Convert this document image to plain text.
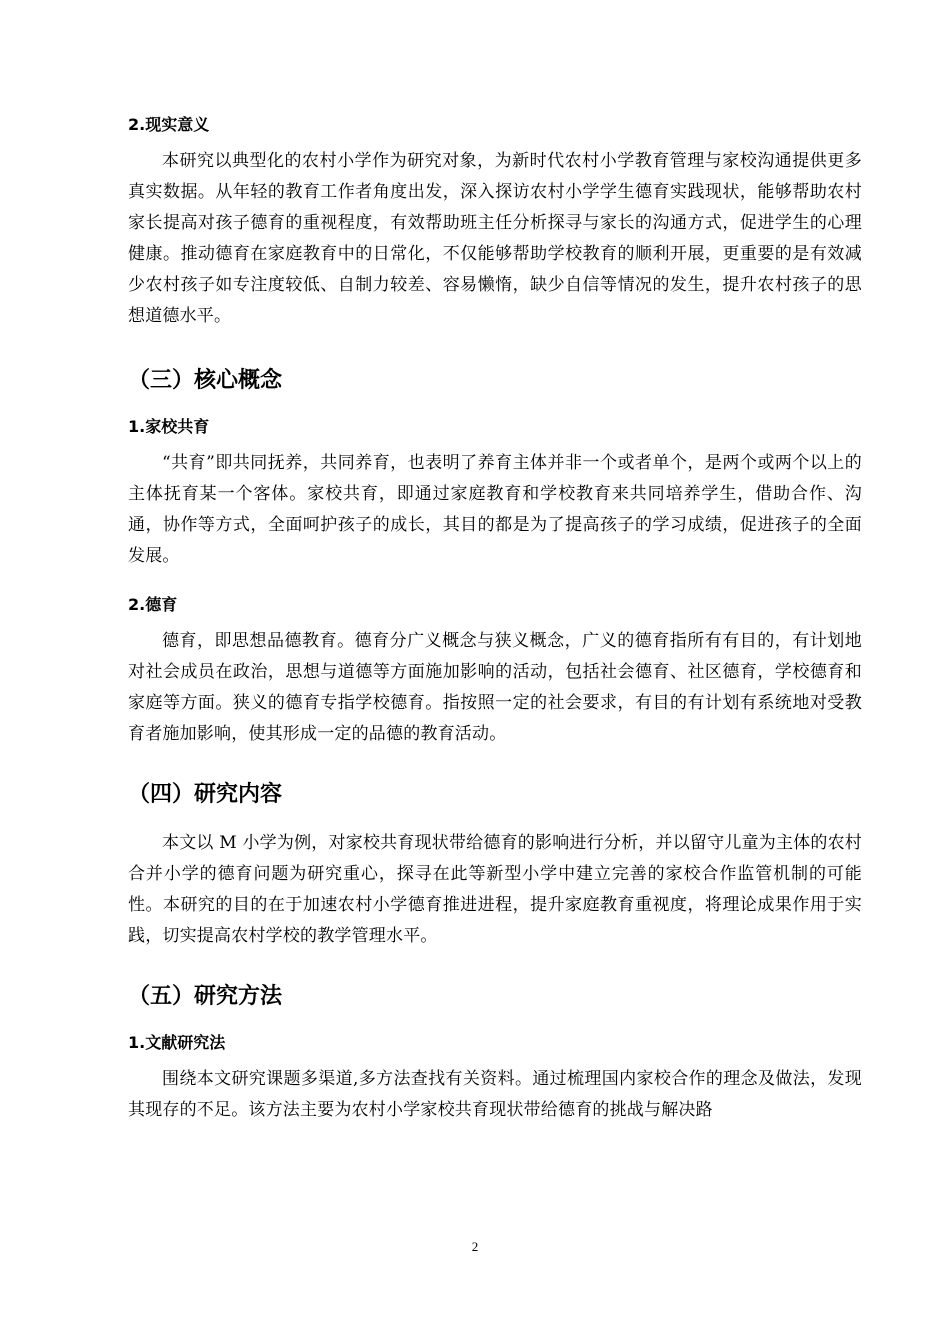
2.现实意义

本研究以典型化的农村小学作为研究对象，为新时代农村小学教育管理与家校沟通提供更多真实数据。从年轻的教育工作者角度出发，深入探访农村小学学生德育实践现状，能够帮助农村家长提高对孩子德育的重视程度，有效帮助班主任分析探寻与家长的沟通方式，促进学生的心理健康。推动德育在家庭教育中的日常化，不仅能够帮助学校教育的顺利开展，更重要的是有效减少农村孩子如专注度较低、自制力较差、容易懒惰，缺少自信等情况的发生，提升农村孩子的思想道德水平。

（三）核心概念
1.家校共育

“共育”即共同抚养，共同养育，也表明了养育主体并非一个或者单个，是两个或两个以上的主体抚育某一个客体。家校共育，即通过家庭教育和学校教育来共同培养学生，借助合作、沟通，协作等方式，全面呵护孩子的成长，其目的都是为了提高孩子的学习成绩，促进孩子的全面发展。

2.德育

德育，即思想品德教育。德育分广义概念与狭义概念，广义的德育指所有有目的，有计划地对社会成员在政治，思想与道德等方面施加影响的活动，包括社会德育、社区德育，学校德育和家庭等方面。狭义的德育专指学校德育。指按照一定的社会要求，有目的有计划有系统地对受教育者施加影响，使其形成一定的品德的教育活动。

（四）研究内容

本文以 M 小学为例，对家校共育现状带给德育的影响进行分析，并以留守儿童为主体的农村合并小学的德育问题为研究重心，探寻在此等新型小学中建立完善的家校合作监管机制的可能性。本研究的目的在于加速农村小学德育推进进程，提升家庭教育重视度，将理论成果作用于实践，切实提高农村学校的教学管理水平。

（五）研究方法
1.文献研究法

围绕本文研究课题多渠道,多方法查找有关资料。通过梳理国内家校合作的理念及做法，发现其现存的不足。该方法主要为农村小学家校共育现状带给德育的挑战与解决路

2
